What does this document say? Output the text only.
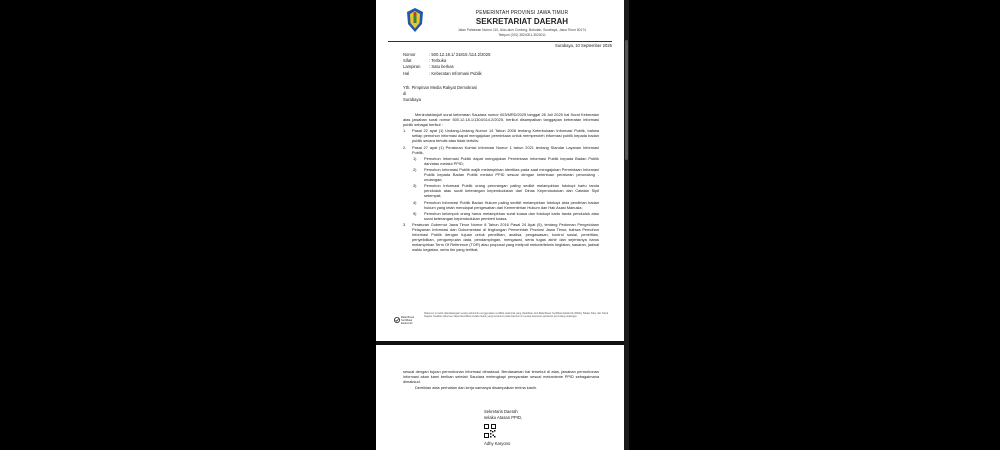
PEMERINTAH PROVINSI JAWA TIMUR
SEKRETARIAT DAERAH
Jalan Pahlawan Nomor 110, Alun-alun Contong, Bubutan, Surabaya, Jawa Timur 60174
Telepon (031) 3524001-3524011
Surabaya, 10 September 2025
Nomor	: 500.12.18.1/ 31815 /114.2/2025
Sifat	: Terbuka
Lampiran	: Satu berkas
Hal	: Keberatan Informasi Publik
Yth. Pimpinan Media Rakyat Demokrasi
di
Surabaya

Menindaklanjuti surat keberatan Saudara nomor 003/MRD/2025 tanggal 28 Juli 2025 hal Surat Keberatan atas jawaban surat nomor 500.12.18.1/1304/114.2/2025, berikut disampaikan tanggapan keberatan informasi publik sebagai berikut :

1.	Pasal 22 ayat (1) Undang-Undang Nomor 14 Tahun 2008 tentang Keterbukaan Informasi Publik, bahwa setiap pemohon informasi dapat mengajukan permintaan untuk memperoleh informasi publik kepada badan publik secara tertulis atau tidak tertulis;
2.	Pasal 27 ayat (1) Peraturan Komisi Informasi Nomor 1 tahun 2021 tentang Standar Layanan Informasi Publik,
1)	Pemohon Informasi Publik dapat mengajukan Permintaan Informasi Publik kepada Badan Publik dan/atau melalui PPID;
2)	Pemohon Informasi Publik wajib melampirkan identitas pada saat mengajukan Permintaan Informasi Publik kepada Badan Publik melalui PPID sesuai dengan ketentuan peraturan perundang - undangan;
3)	Pemohon Informasi Publik orang perorangan paling sedikit melampirkan fotokopi kartu tanda penduduk atau surat keterangan kependudukan dari Dinas Kependudukan dan Catatan Sipil setempat;
4)	Pemohon Informasi Publik Badan Hukum paling sedikit melampirkan fotokopi akta pendirian badan hukum yang telah mendapat pengesahan dari Kementerian Hukum dan Hak Asasi Manusia;
5)	Pemohon kelompok orang harus melampirkan surat kuasa dan fotokopi kartu tanda penduduk atau surat keterangan kependudukan pemberi kuasa.
3.	Peraturan Gubernur Jawa Timur Nomor 8 Tahun 2016 Pasal 24 Ayat (5), tentang Pedoman Pengelolaan Pelayanan Informasi dan Dokumentasi di lingkungan Pemerintah Provinsi Jawa Timur, bahwa Pemohon Informasi Publik dengan tujuan untuk penelitian, analisa, pengawasan, kontrol sosial, penelitian, penyelidikan, pengumpulan data, pendampingan, mengawal, serta tugas akhir dan sejenisnya harus melampirkan Term Of Reference (TOR) atau proposal yang meliputi metode/teknis kegiatan, sasaran, jadwal waktu kegiatan, serta tim yang terlibat,
Balai Besar
Sertifikasi
Elektronik
Dokumen ini telah ditandatangani secara elektronik menggunakan sertifikat elektronik yang diterbitkan oleh Balai Besar Sertifikasi Elektronik (BSrE), Badan Siber dan Sandi Negara. Keaslian dokumen dapat diverifikasi melalui tautan yang tercantum pada dokumen ini sesuai ketentuan peraturan perundang-undangan.

sesuai dengan tujuan permohonan informasi dimaksud. Berdasarkan hal tersebut di atas, jawaban permohonan informasi akan kami berikan setelah Saudara melengkapi persyaratan sesuai mekanisme PPID sebagaimana dimaksud.

Demikian atas perhatian dan kerja samanya disampaikan terima kasih.

Sekretaris Daerah
selaku Atasan PPID,
Adhy Karyono
